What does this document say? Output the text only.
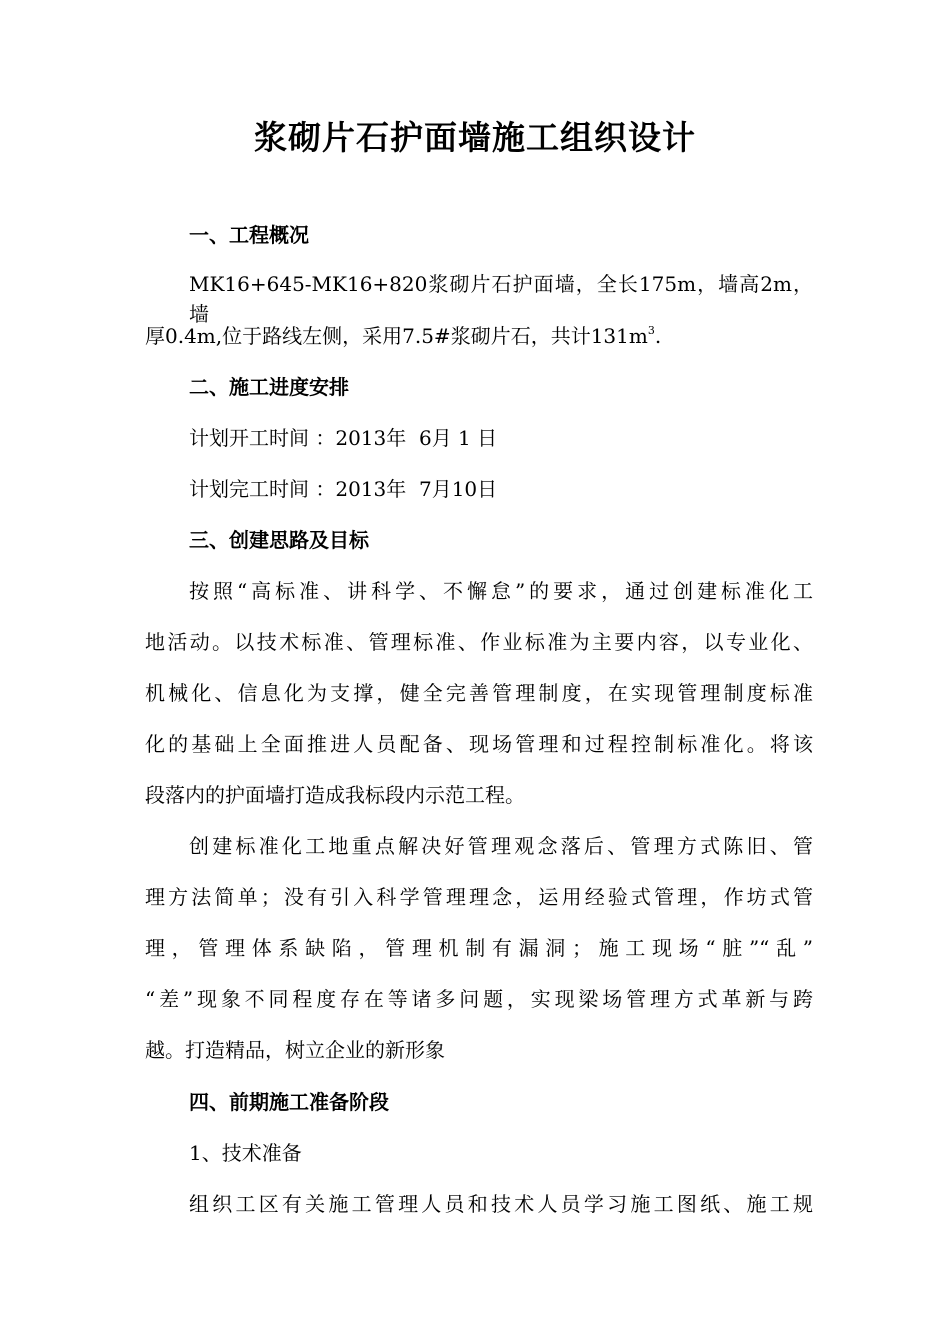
浆砌片石护面墙施工组织设计
一、工程概况
MK16+645-MK16+820浆砌片石护面墙，全长175m，墙高2m，墙
厚0.4m,位于路线左侧，采用7.5#浆砌片石，共计$131m^3$.
二、施工进度安排
计划开工时间 ：2013年  6月 1 日
计划完工时间 ：2013年  7月10日
三、创建思路及目标
按照“高标准、讲科学、不懈怠”的要求，通过创建标准化工
地活动。以技术标准、管理标准、作业标准为主要内容，以专业化、
机械化、信息化为支撑，健全完善管理制度，在实现管理制度标准
化的基础上全面推进人员配备、现场管理和过程控制标准化。将该
段落内的护面墙打造成我标段内示范工程。
创建标准化工地重点解决好管理观念落后、管理方式陈旧、管
理方法简单；没有引入科学管理理念，运用经验式管理，作坊式管
理，管理体系缺陷，管理机制有漏洞；施工现场“脏”“乱”
“差”现象不同程度存在等诸多问题，实现梁场管理方式革新与跨
越。打造精品，树立企业的新形象
四、前期施工准备阶段
1、技术准备
组织工区有关施工管理人员和技术人员学习施工图纸、施工规
